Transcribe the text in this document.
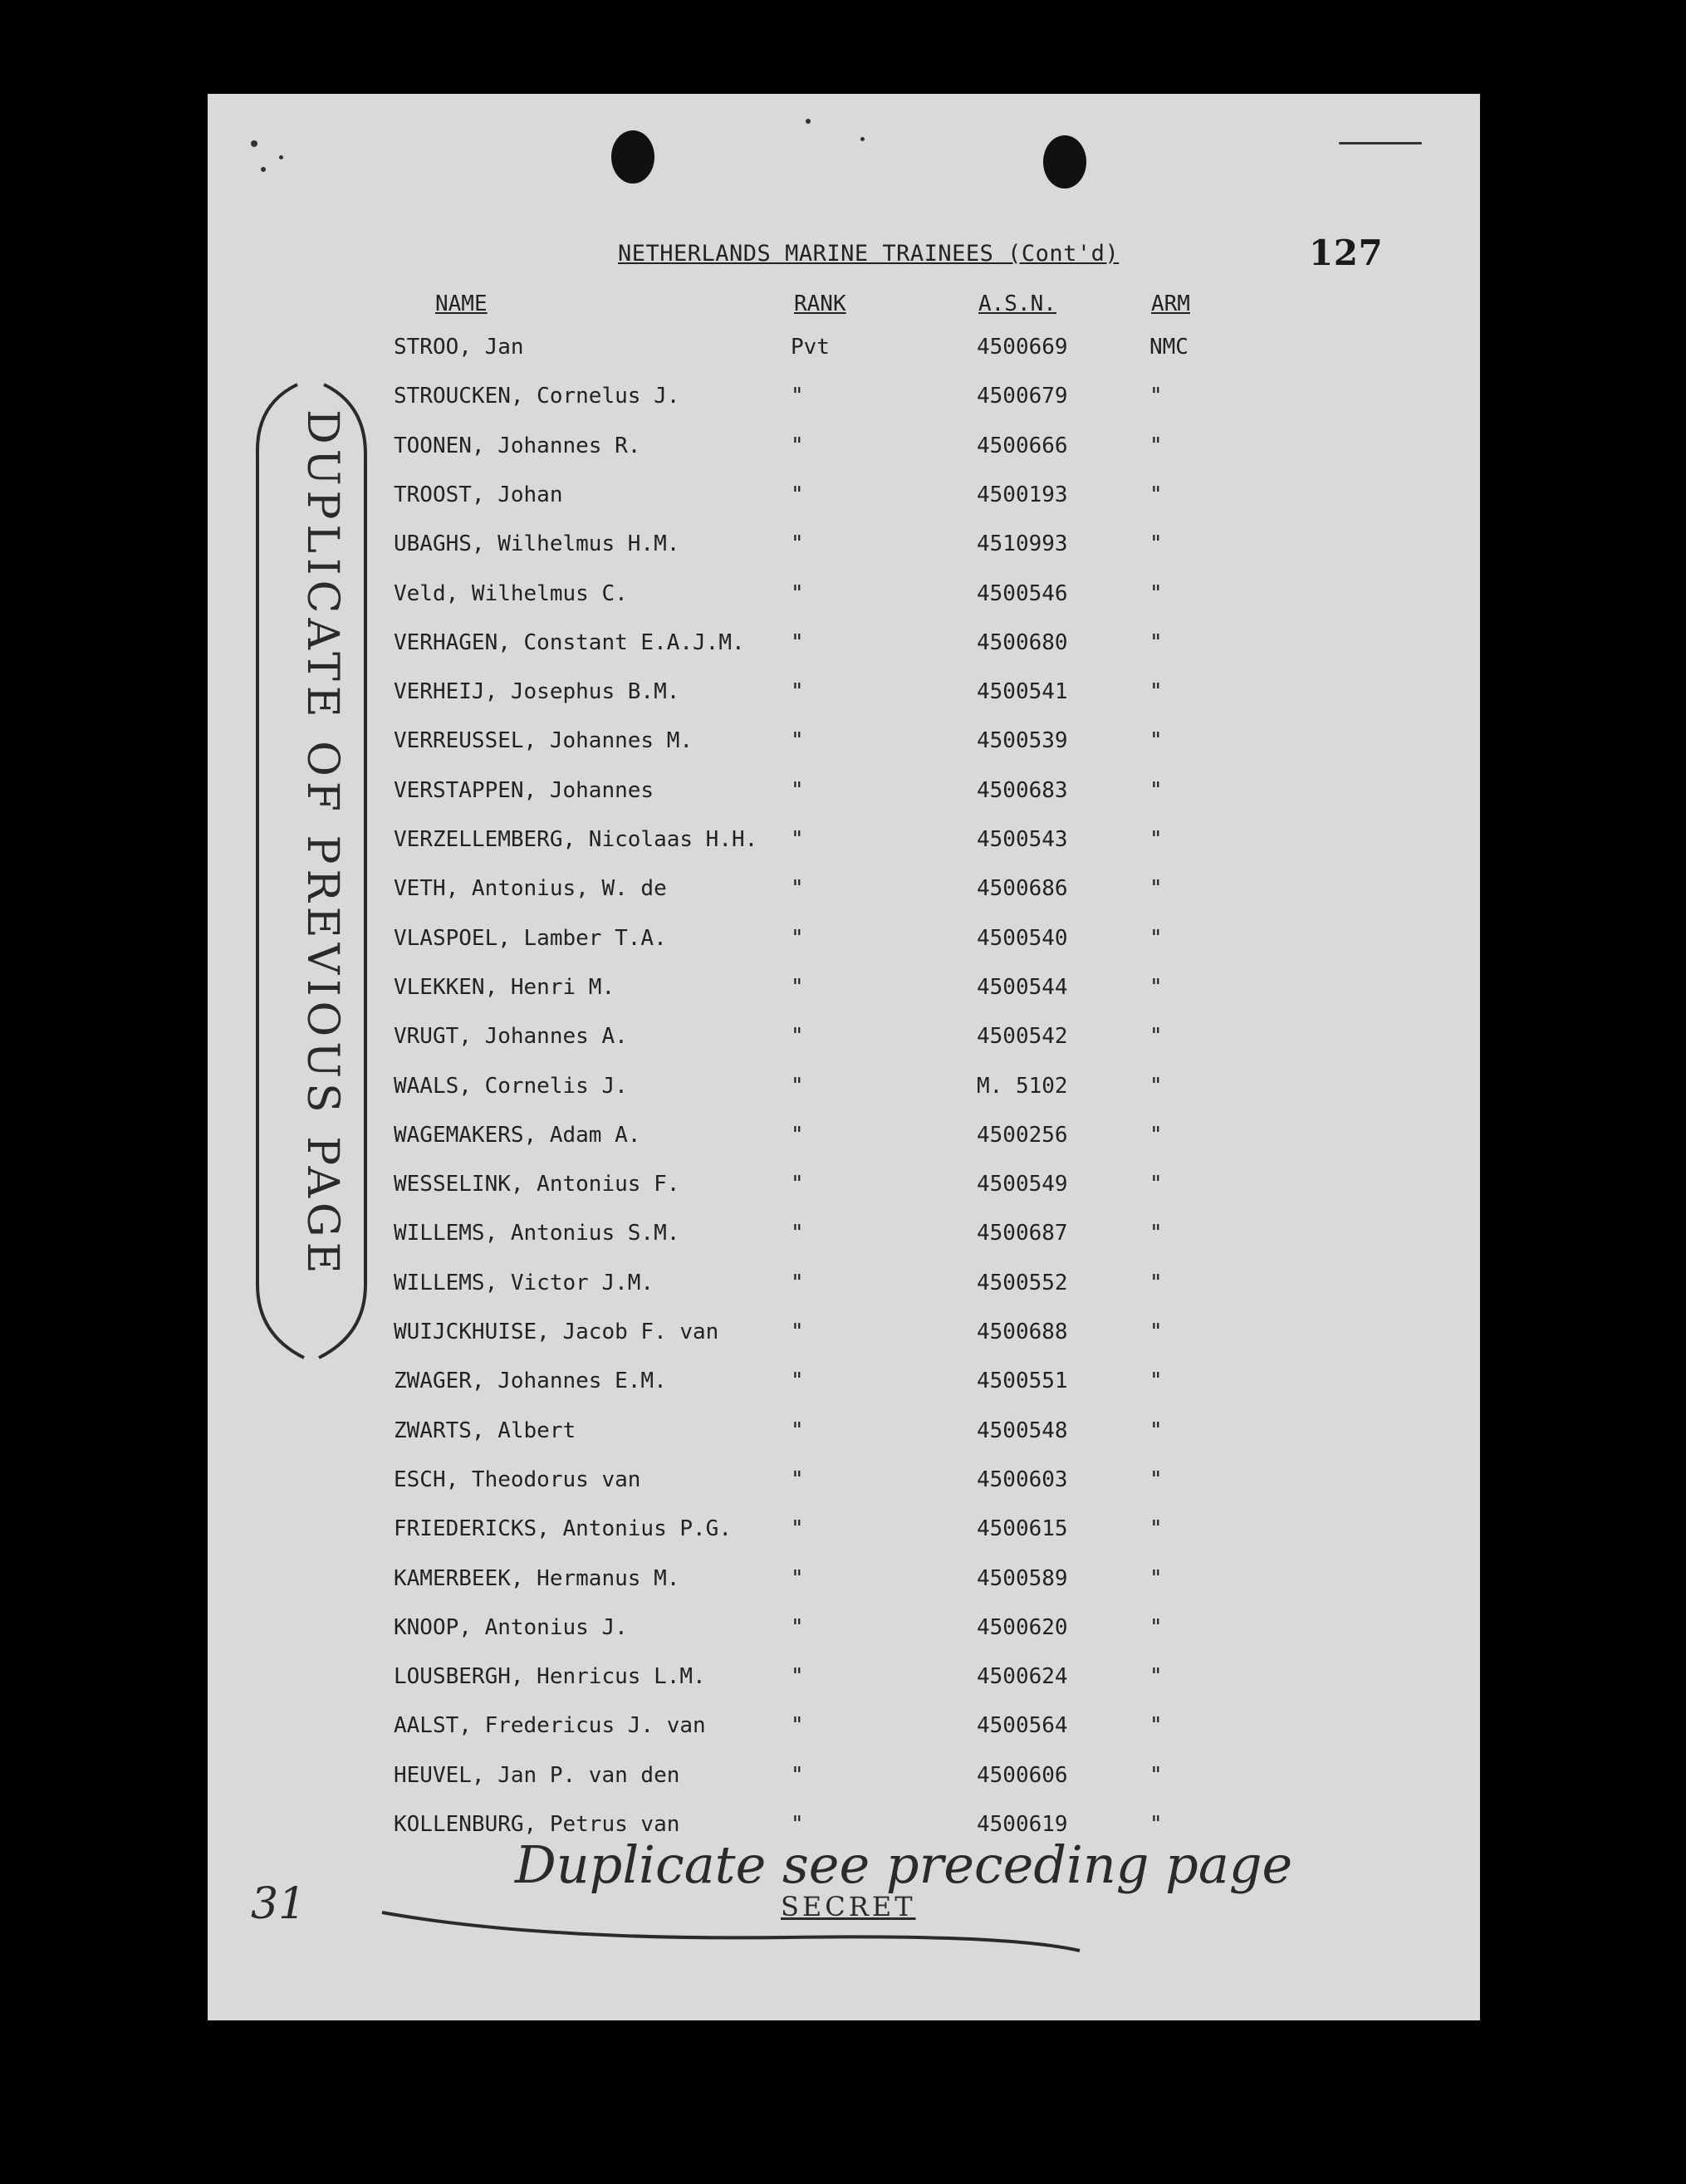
NETHERLANDS MARINE TRAINEES (Cont'd)	127
NAME	RANK	A.S.N.	ARM
STROO, Jan	Pvt	4500669	NMC
STROUCKEN, Cornelus J.	"	4500679	"
TOONEN, Johannes R.	"	4500666	"
TROOST, Johan	"	4500193	"
UBAGHS, Wilhelmus H.M.	"	4510993	"
Veld, Wilhelmus C.	"	4500546	"
VERHAGEN, Constant E.A.J.M. "	4500680	"
VERHEIJ, Josephus B.M.	"	4500541	"
VERREUSSEL, Johannes M.	"	4500539	"
VERSTAPPEN, Johannes	"	4500683	"
VERZELLEMBERG, Nicolaas H.H. "	4500543	"
VETH, Antonius, W. de	"	4500686	"
VLASPOEL, Lamber T.A.	"	4500540	"
VLEKKEN, Henri M.	"	4500544	"
VRUGT, Johannes A.	"	4500542	"
WAALS, Cornelis J.	"	M. 5102	"
WAGEMAKERS, Adam A.	"	4500256	"
WESSELINK, Antonius F.	"	4500549	"
WILLEMS, Antonius S.M.	"	4500687	"
WILLEMS, Victor J.M.	"	4500552	"
WUIJCKHUISE, Jacob F. van	"	4500688	"
ZWAGER, Johannes E.M.	"	4500551	"
ZWARTS, Albert	"	4500548	"
ESCH, Theodorus van	"	4500603	"
FRIEDERICKS, Antonius P.G.	"	4500615	"
KAMERBEEK, Hermanus M.	"	4500589	"
KNOOP, Antonius J.	"	4500620	"
LOUSBERGH, Henricus L.M.	"	4500624	"
AALST, Fredericus J. van	"	4500564	"
HEUVEL, Jan P. van den	"	4500606	"
KOLLENBURG, Petrus van	"	4500619	"
DUPLICATE OF PREVIOUS PAGE
Duplicate see preceding page
SECRET
31
